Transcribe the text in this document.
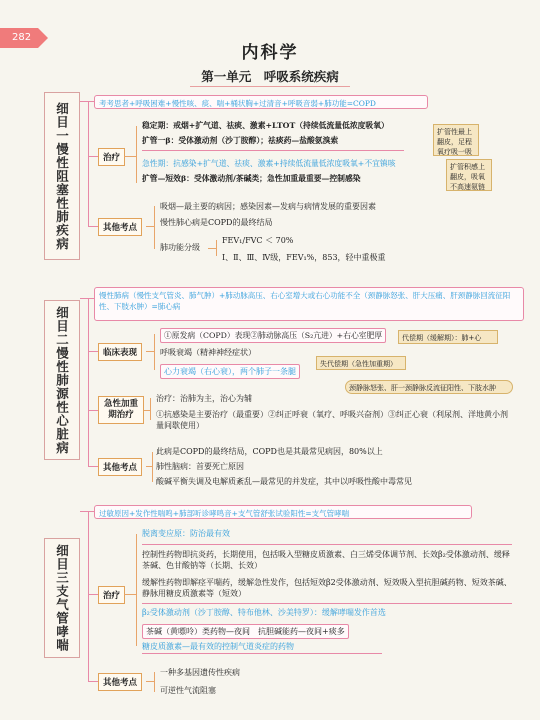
282
内科学
第一单元　呼吸系统疾病
细目一慢性阻塞性肺疾病	考考思者+呼吸困难+慢性咳、痰、喘+桶状胸+过清音+呼吸音弱+肺功能=COPD
治疗
稳定期：戒烟+扩气道、祛痰、激素+LTOT（持续低流量低浓度吸氧）
扩管一β：受体激动剂（沙丁胺醇）；祛痰药—盐酸氨溴索
急性期：抗感染+扩气道、祛痰、激素+持续低流量低浓度吸氧+不宜镇咳
扩管—短效β：受体激动剂/茶碱类；急性加重最重要—控制感染
扩管性最上翻皮，足程氧疗吸一吸
扩管积感上翻皮，吸氧不高速氨链
其他考点
吸烟—最主要的病因；感染因素—发病与病情发展的重要因素
慢性肺心病是COPD的最终结局
肺功能分级
FEV₁/FVC ＜ 70%
Ⅰ、Ⅱ、Ⅲ、Ⅳ级，FEV₁%，853，轻中重极重
细目二慢性肺源性心脏病
慢性肺病（慢性支气管炎、肺气肿）+肺动脉高压、右心室增大或右心功能不全（颈静脉怒张、肝大压痛、肝颈静脉回流征阳性、下肢水肿）=肺心病
临床表现
①原发病（COPD）表现②肺动脉高压（S₂亢进）+右心室肥厚
呼吸衰竭（精神神经症状）
心力衰竭（右心衰），两个肺子一条腿
代偿期（缓解期）：肺+心
失代偿期（急性加重期）
颈静脉怒张、肝一颈静脉反流征阳性、下肢水肿
急性加重期治疗
治疗：治肺为主，治心为辅
①抗感染是主要治疗（最重要）②纠正呼衰（氧疗、呼吸兴奋剂）③纠正心衰（利尿剂、洋地黄小剂量间歇使用）
其他考点
此病是COPD的最终结局，COPD也是其最常见病因，80%以上
肺性脑病：首要死亡原因
酸碱平衡失调及电解质紊乱—最常见的并发症，其中以呼吸性酸中毒常见
细目三支气管哮喘
过敏原因+发作性喘鸣+肺部听诊哮鸣音+支气管舒张试验阳性=支气管哮喘
治疗
脱离变应原：防治最有效
控制性药物即抗炎药，长期使用，包括吸入型糖皮质激素、白三烯受体调节剂、长效β₂受体激动剂、缓释茶碱、色甘酸钠等（长期、长效）
缓解性药物即解痉平喘药，缓解急性发作，包括短效β2受体激动剂、短效吸入型抗胆碱药物、短效茶碱、静脉用糖皮质激素等（短效）
β₂受体激动剂（沙丁胺醇、特布他林、沙美特罗）：缓解哮喘发作首选
茶碱（黄嘌呤）类药物—夜间　抗胆碱能药—夜间+痰多
糖皮质激素—最有效的控制气道炎症的药物
其他考点
一种多基因遗传性疾病
可逆性气流阻塞
